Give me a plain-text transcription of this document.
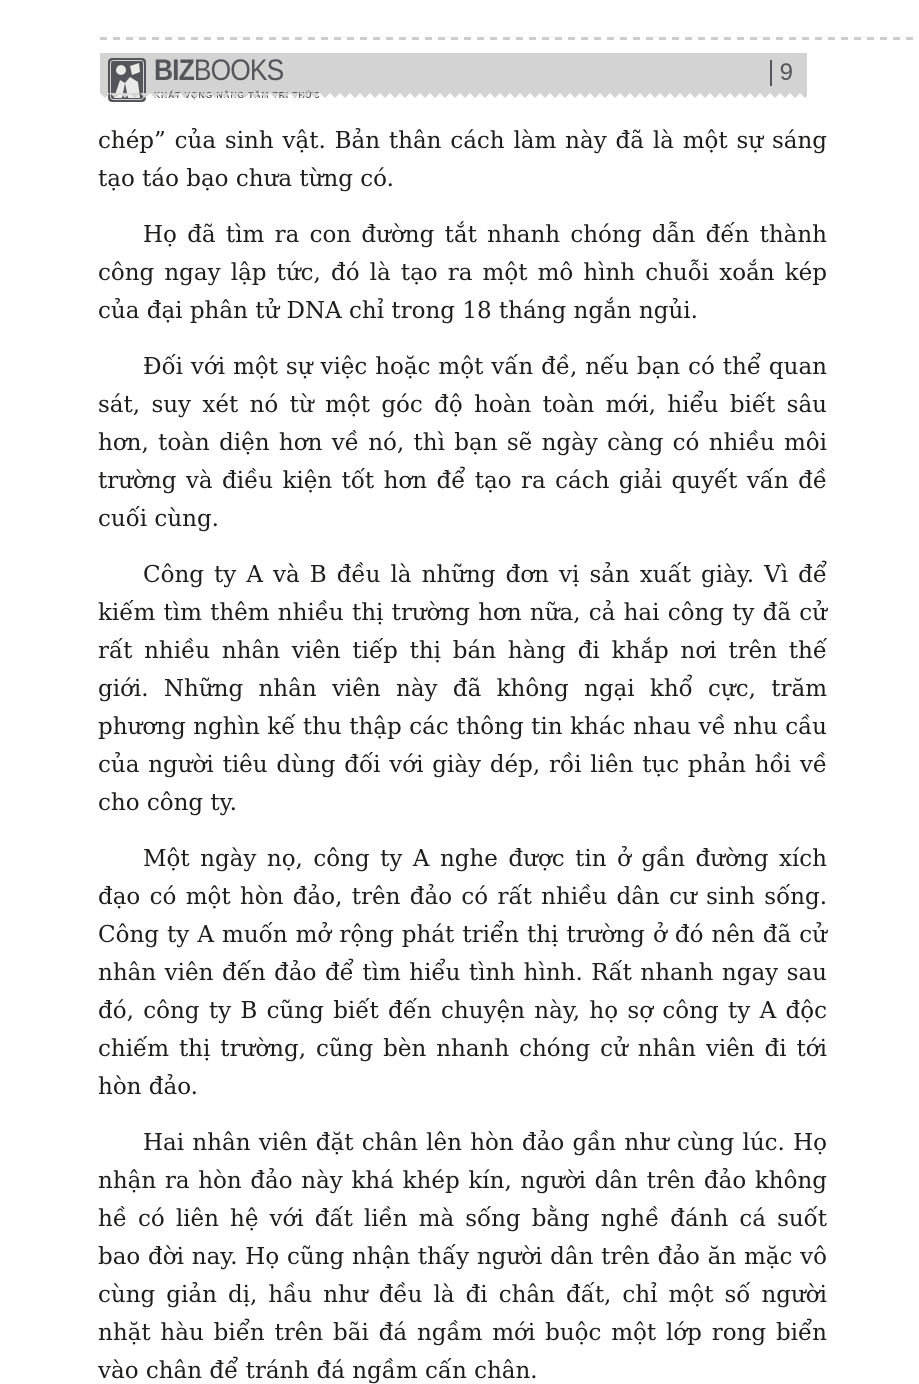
BIZBOOKS	9

chép” của sinh vật. Bản thân cách làm này đã là một sự sáng tạo táo bạo chưa từng có.

Họ đã tìm ra con đường tắt nhanh chóng dẫn đến thành công ngay lập tức, đó là tạo ra một mô hình chuỗi xoắn kép của đại phân tử DNA chỉ trong 18 tháng ngắn ngủi.

Đối với một sự việc hoặc một vấn đề, nếu bạn có thể quan sát, suy xét nó từ một góc độ hoàn toàn mới, hiểu biết sâu hơn, toàn diện hơn về nó, thì bạn sẽ ngày càng có nhiều môi trường và điều kiện tốt hơn để tạo ra cách giải quyết vấn đề cuối cùng.

Công ty A và B đều là những đơn vị sản xuất giày. Vì để kiếm tìm thêm nhiều thị trường hơn nữa, cả hai công ty đã cử rất nhiều nhân viên tiếp thị bán hàng đi khắp nơi trên thế giới. Những nhân viên này đã không ngại khổ cực, trăm phương nghìn kế thu thập các thông tin khác nhau về nhu cầu của người tiêu dùng đối với giày dép, rồi liên tục phản hồi về cho công ty.

Một ngày nọ, công ty A nghe được tin ở gần đường xích đạo có một hòn đảo, trên đảo có rất nhiều dân cư sinh sống. Công ty A muốn mở rộng phát triển thị trường ở đó nên đã cử nhân viên đến đảo để tìm hiểu tình hình. Rất nhanh ngay sau đó, công ty B cũng biết đến chuyện này, họ sợ công ty A độc chiếm thị trường, cũng bèn nhanh chóng cử nhân viên đi tới hòn đảo.

Hai nhân viên đặt chân lên hòn đảo gần như cùng lúc. Họ nhận ra hòn đảo này khá khép kín, người dân trên đảo không hề có liên hệ với đất liền mà sống bằng nghề đánh cá suốt bao đời nay. Họ cũng nhận thấy người dân trên đảo ăn mặc vô cùng giản dị, hầu như đều là đi chân đất, chỉ một số người nhặt hàu biển trên bãi đá ngầm mới buộc một lớp rong biển vào chân để tránh đá ngầm cấn chân.
